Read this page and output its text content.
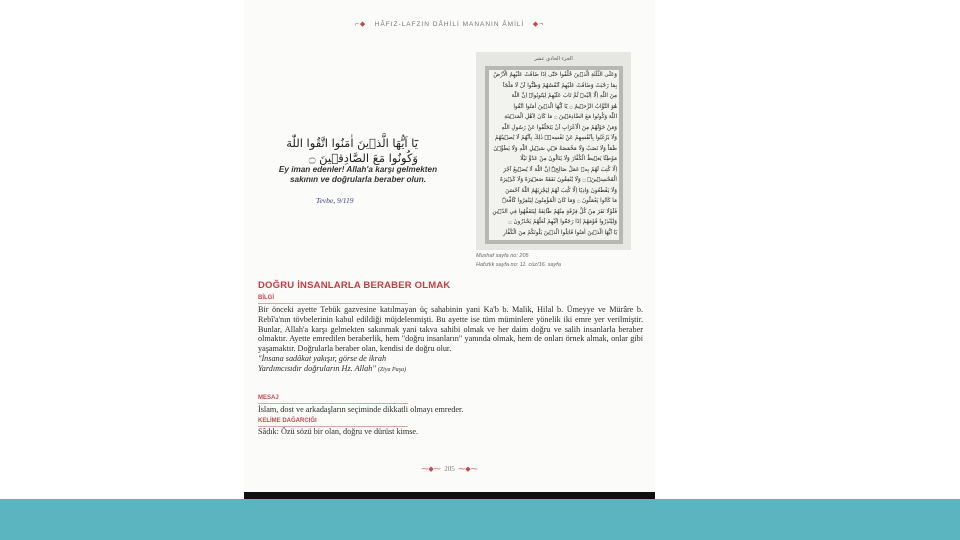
⌐◆ HÂFIZ-LAFZIN DÂHİLİ MANANIN ÂMİLİ ◆¬
يَٓا اَيُّهَا الَّذ۪ينَ اٰمَنُوا اتَّقُوا اللّٰهَ وَكُونُوا مَعَ الصَّادِق۪ينَ ۝
Ey iman edenler! Allah'a karşı gelmekten sakının ve doğrularla beraber olun.
Tevbe, 9/119
الجزء الحادي عشر
وَعَلَى الثَّلٰثَةِ الَّذ۪ينَ خُلِّفُوا حَتّٰٓى اِذَا ضَاقَتْ عَلَيْهِمُ الْاَرْضُ
بِمَا رَحُبَتْ وَضَاقَتْ عَلَيْهِمْ اَنْفُسُهُمْ وَظَنُّٓوا اَنْ لَا مَلْجَاَ
مِنَ اللّٰهِ اِلَّٓا اِلَيْهِۜ ثُمَّ تَابَ عَلَيْهِمْ لِيَتُوبُواۜ اِنَّ اللّٰهَ
هُوَ التَّوَّابُ الرَّح۪يمُ ۝ يَٓا اَيُّهَا الَّذ۪ينَ اٰمَنُوا اتَّقُوا
اللّٰهَ وَكُونُوا مَعَ الصَّادِق۪ينَ ۝ مَا كَانَ لِاَهْلِ الْمَد۪ينَةِ
وَمَنْ حَوْلَهُمْ مِنَ الْاَعْرَابِ اَنْ يَتَخَلَّفُوا عَنْ رَسُولِ اللّٰهِ
وَلَا يَرْغَبُوا بِاَنْفُسِهِمْ عَنْ نَفْسِه۪ۜ ذٰلِكَ بِاَنَّهُمْ لَا يُص۪يبُهُمْ
ظَمَاٌ وَلَا نَصَبٌ وَلَا مَخْمَصَةٌ ف۪ي سَب۪يلِ اللّٰهِ وَلَا يَطَؤُ۫نَ
مَوْطِئًا يَغ۪يظُ الْكُفَّارَ وَلَا يَنَالُونَ مِنْ عَدُوٍّ نَيْلًا
اِلَّا كُتِبَ لَهُمْ بِه۪ عَمَلٌ صَالِحٌۜ اِنَّ اللّٰهَ لَا يُض۪يعُ اَجْرَ
الْمُحْسِن۪ينَۙ ۝ وَلَا يُنْفِقُونَ نَفَقَةً صَغ۪يرَةً وَلَا كَب۪يرَةً
وَلَا يَقْطَعُونَ وَادِيًا اِلَّا كُتِبَ لَهُمْ لِيَجْزِيَهُمُ اللّٰهُ اَحْسَنَ
مَا كَانُوا يَعْمَلُونَ ۝ وَمَا كَانَ الْمُؤْمِنُونَ لِيَنْفِرُوا كَٓافَّةًۜ
فَلَوْلَا نَفَرَ مِنْ كُلِّ فِرْقَةٍ مِنْهُمْ طَٓائِفَةٌ لِيَتَفَقَّهُوا فِي الدّ۪ينِ
وَلِيُنْذِرُوا قَوْمَهُمْ اِذَا رَجَعُٓوا اِلَيْهِمْ لَعَلَّهُمْ يَحْذَرُونَ ۝
يَٓا اَيُّهَا الَّذ۪ينَ اٰمَنُوا قَاتِلُوا الَّذ۪ينَ يَلُونَكُمْ مِنَ الْكُفَّارِ
Mushaf sayfa no: 205
Hafızlık sayfa no: 11. cüz/16. sayfa
DOĞRU İNSANLARLA BERABER OLMAK
BİLGİ

Bir önceki ayette Tebük gazvesine katılmayan üç sahabinin yani Ka'b b. Malik, Hilal b. Ümeyye ve Mürâre b. Rebî'a'nın tövbelerinin kabul edildiği müjdelenmişti. Bu ayette ise tüm müminlere yönelik iki emre yer verilmiştir. Bunlar, Allah'a karşı gelmekten sakınmak yani takva sahibi olmak ve her daim doğru ve salih insanlarla beraber olmaktır. Ayette emredilen beraberlik, hem "doğru insanların" yanında olmak, hem de onları örnek almak, onlar gibi yaşamaktır. Doğrularla beraber olan, kendisi de doğru olur.

"İnsana sadâkat yakışır, görse de ikrah

Yardımcısıdır doğruların Hz. Allah" (Ziya Paşa)

MESAJ
İslam, dost ve arkadaşların seçiminde dikkatli olmayı emreder.
KELİME DAĞARCIĞI
Sâdık: Özü sözü bir olan, doğru ve dürüst kimse.
⁓◆⁓ 205 ⁓◆⁓
